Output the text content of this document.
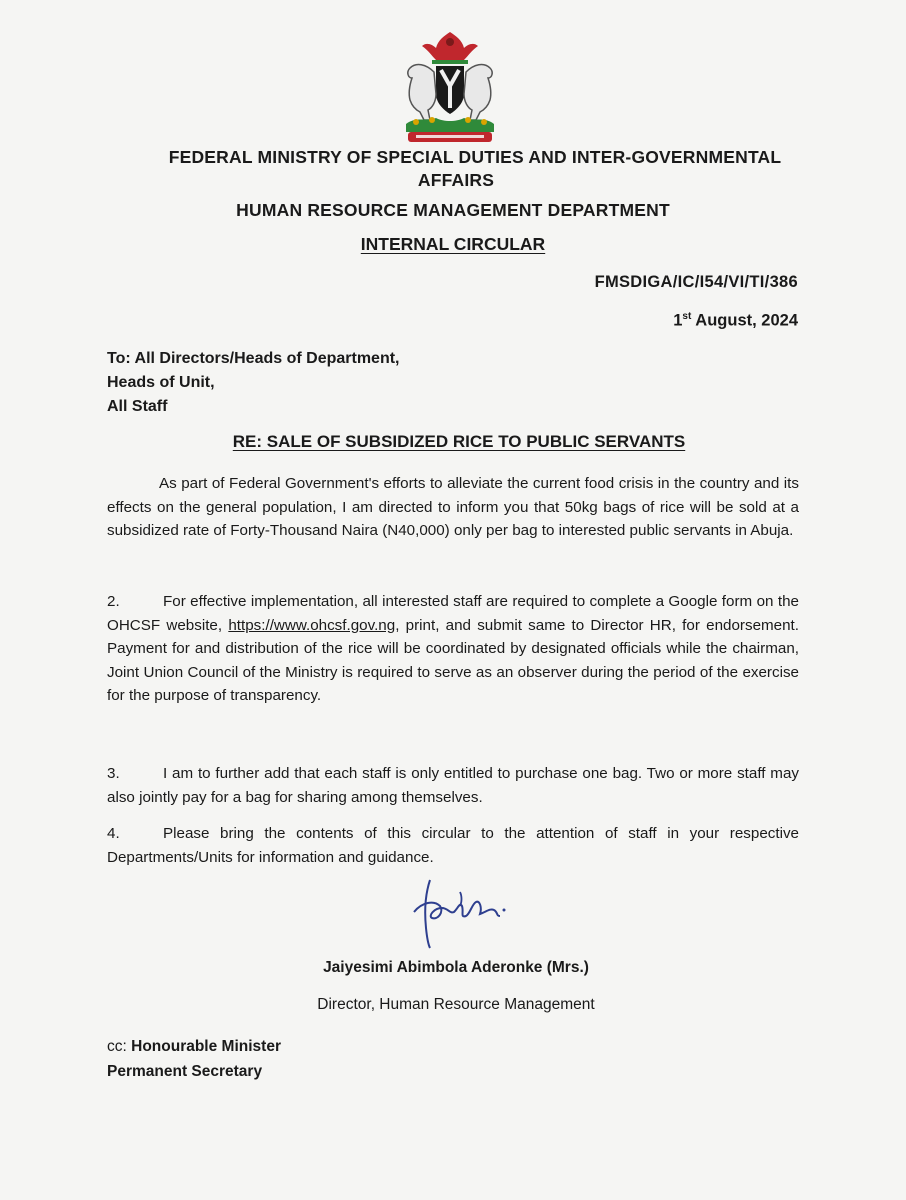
FEDERAL MINISTRY OF SPECIAL DUTIES AND INTER-GOVERNMENTAL
AFFAIRS
HUMAN RESOURCE MANAGEMENT DEPARTMENT
INTERNAL CIRCULAR
FMSDIGA/IC/I54/VI/TI/386
1st August, 2024
To: All Directors/Heads of Department,
Heads of Unit,
All Staff
RE: SALE OF SUBSIDIZED RICE TO PUBLIC SERVANTS
As part of Federal Government's efforts to alleviate the current food crisis in the country and its effects on the general population, I am directed to inform you that 50kg bags of rice will be sold at a subsidized rate of Forty-Thousand Naira (N40,000) only per bag to interested public servants in Abuja.
2.	For effective implementation, all interested staff are required to complete a Google form on the OHCSF website, https://www.ohcsf.gov.ng, print, and submit same to Director HR, for endorsement. Payment for and distribution of the rice will be coordinated by designated officials while the chairman, Joint Union Council of the Ministry is required to serve as an observer during the period of the exercise for the purpose of transparency.
3.	I am to further add that each staff is only entitled to purchase one bag. Two or more staff may also jointly pay for a bag for sharing among themselves.
4.	Please bring the contents of this circular to the attention of staff in your respective Departments/Units for information and guidance.
Jaiyesimi Abimbola Aderonke (Mrs.)
Director, Human Resource Management
cc: Honourable Minister
Permanent Secretary
